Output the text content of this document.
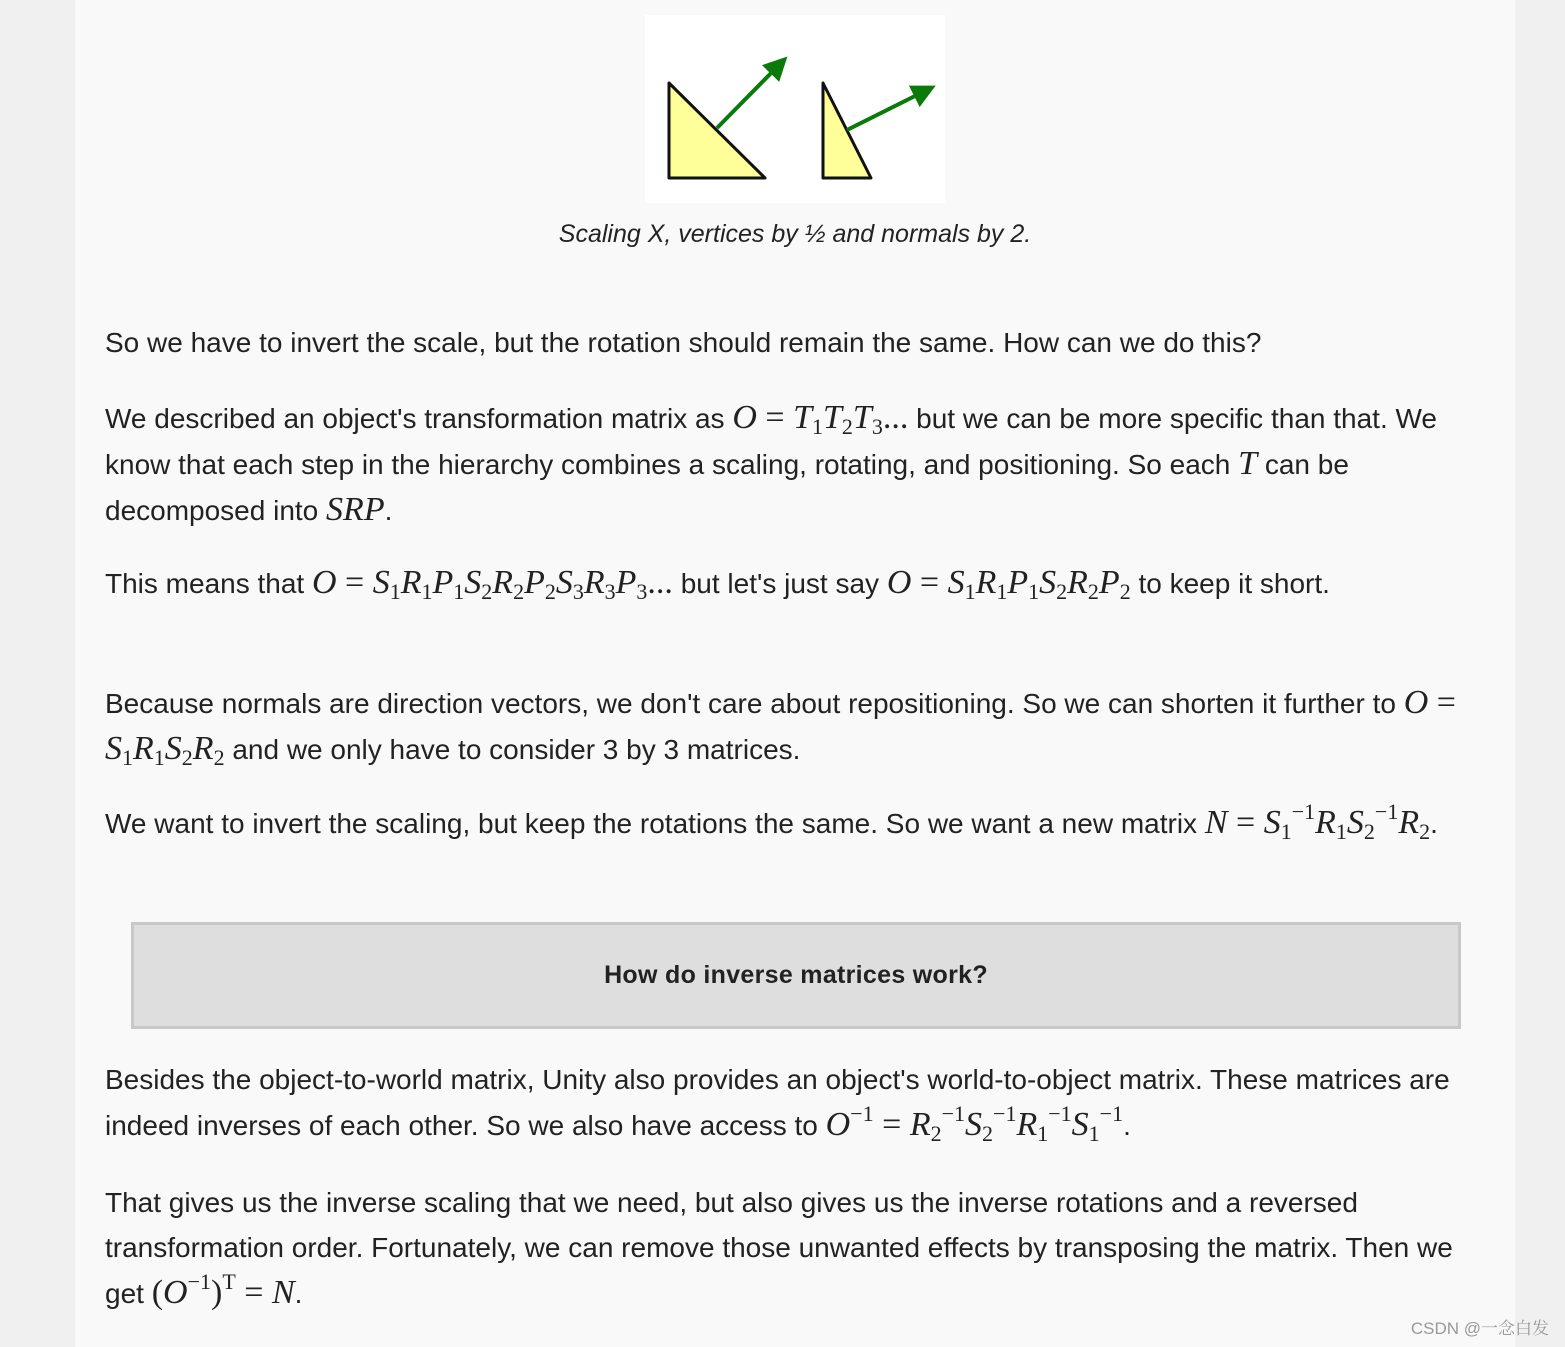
Scaling X, vertices by ½ and normals by 2.

So we have to invert the scale, but the rotation should remain the same. How can we do this?

We described an object's transformation matrix as $O = T_1T_2T_3$... but we can be more specific than that. We know that each step in the hierarchy combines a scaling, rotating, and positioning. So each T can be decomposed into SRP.

This means that $O = S_1R_1P_1S_2R_2P_2S_3R_3P_3$... but let's just say $O = S_1R_1P_1S_2R_2P_2$ to keep it short.

Because normals are direction vectors, we don't care about repositioning. So we can shorten it further to $O = S_1R_1S_2R_2$ and we only have to consider 3 by 3 matrices.

We want to invert the scaling, but keep the rotations the same. So we want a new matrix $N = S_1^{-1}R_1S_2^{-1}R_2$.

How do inverse matrices work?

Besides the object-to-world matrix, Unity also provides an object's world-to-object matrix. These matrices are indeed inverses of each other. So we also have access to $O^{-1} = R_2^{-1}S_2^{-1}R_1^{-1}S_1^{-1}$.

That gives us the inverse scaling that we need, but also gives us the inverse rotations and a reversed transformation order. Fortunately, we can remove those unwanted effects by transposing the matrix. Then we get $(O^{-1})^T = N$.

CSDN @一念白发
